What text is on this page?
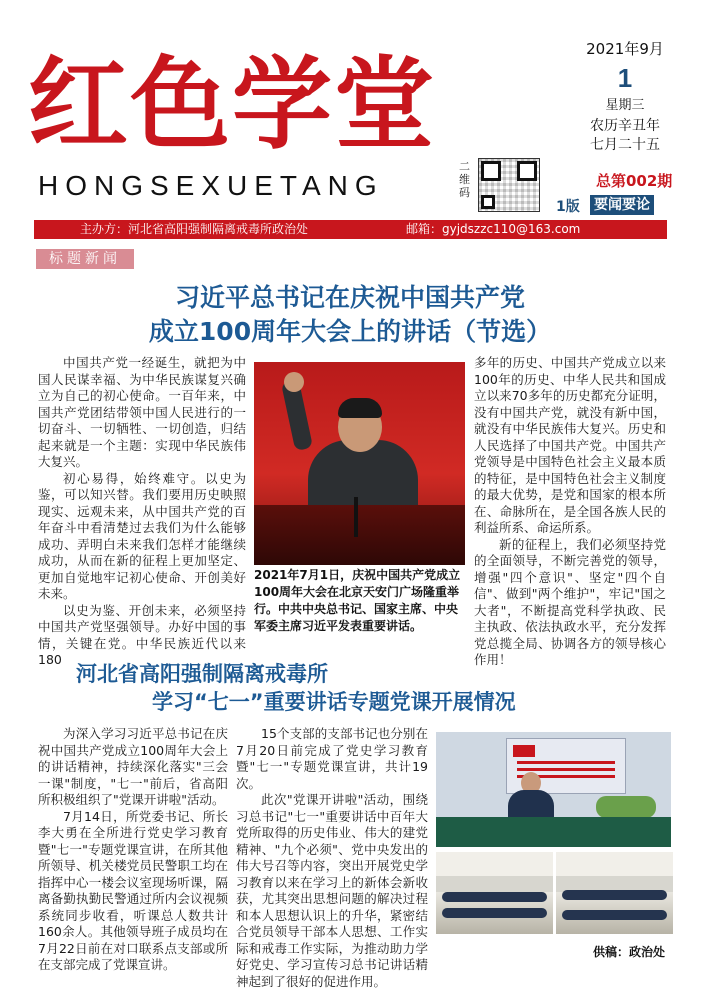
红色学堂
HONGSEXUETANG
二维码
2021年9月
1
星期三
农历辛丑年
七月二十五
总第002期
1版 要闻要论
主办方：河北省高阳强制隔离戒毒所政治处	邮箱：gyjdszzc110@163.com
标题新闻
习近平总书记在庆祝中国共产党
成立100周年大会上的讲话（节选）

中国共产党一经诞生，就把为中国人民谋幸福、为中华民族谋复兴确立为自己的初心使命。一百年来，中国共产党团结带领中国人民进行的一切奋斗、一切牺牲、一切创造，归结起来就是一个主题：实现中华民族伟大复兴。

初心易得，始终难守。以史为鉴，可以知兴替。我们要用历史映照现实、远观未来，从中国共产党的百年奋斗中看清楚过去我们为什么能够成功、弄明白未来我们怎样才能继续成功，从而在新的征程上更加坚定、更加自觉地牢记初心使命、开创美好未来。

以史为鉴、开创未来，必须坚持中国共产党坚强领导。办好中国的事情，关键在党。中华民族近代以来180

2021年7月1日，庆祝中国共产党成立100周年大会在北京天安门广场隆重举行。中共中央总书记、国家主席、中央军委主席习近平发表重要讲话。

多年的历史、中国共产党成立以来100年的历史、中华人民共和国成立以来70多年的历史都充分证明，没有中国共产党，就没有新中国，就没有中华民族伟大复兴。历史和人民选择了中国共产党。中国共产党领导是中国特色社会主义最本质的特征，是中国特色社会主义制度的最大优势，是党和国家的根本所在、命脉所在，是全国各族人民的利益所系、命运所系。

新的征程上，我们必须坚持党的全面领导，不断完善党的领导，增强"四个意识"、坚定"四个自信"、做到"两个维护"，牢记"国之大者"，不断提高党科学执政、民主执政、依法执政水平，充分发挥党总揽全局、协调各方的领导核心作用！

河北省高阳强制隔离戒毒所
学习“七一”重要讲话专题党课开展情况

为深入学习习近平总书记在庆祝中国共产党成立100周年大会上的讲话精神，持续深化落实"三会一课"制度，"七一"前后，省高阳所积极组织了"党课开讲啦"活动。

7月14日，所党委书记、所长李大勇在全所进行党史学习教育暨"七一"专题党课宣讲，在所其他所领导、机关楼党员民警职工均在指挥中心一楼会议室现场听课，隔离备勤执勤民警通过所内会议视频系统同步收看，听课总人数共计160余人。其他领导班子成员均在7月22日前在对口联系点支部或所在支部完成了党课宣讲。

15个支部的支部书记也分别在7月20日前完成了党史学习教育暨"七一"专题党课宣讲，共计19次。

此次"党课开讲啦"活动，围绕习总书记"七一"重要讲话中百年大党所取得的历史伟业、伟大的建党精神、"九个必须"、党中央发出的伟大号召等内容，突出开展党史学习教育以来在学习上的新体会新收获，尤其突出思想问题的解决过程和本人思想认识上的升华，紧密结合党员领导干部本人思想、工作实际和戒毒工作实际，为推动助力学好党史、学习宣传习总书记讲话精神起到了很好的促进作用。

供稿：政治处
